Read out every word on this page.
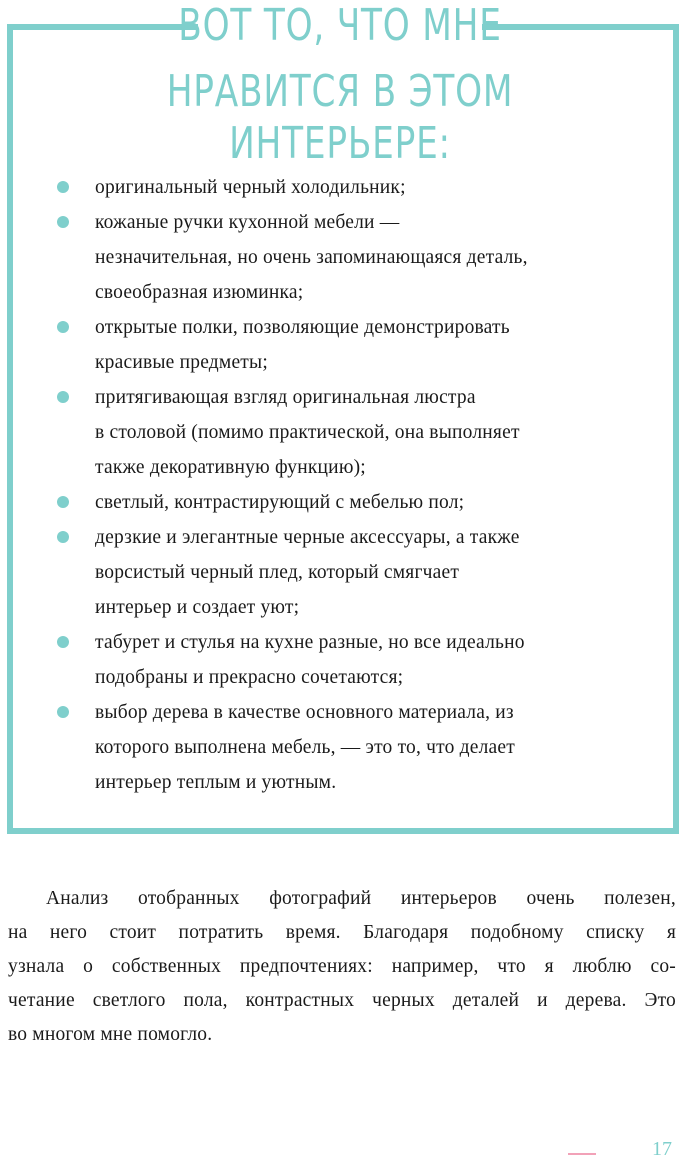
ВОТ ТО, ЧТО МНЕ
НРАВИТСЯ В ЭТОМ ИНТЕРЬЕРЕ:
оригинальный черный холодильник;
кожаные ручки кухонной мебели —
незначительная, но очень запоминающаяся деталь,
своеобразная изюминка;
открытые полки, позволяющие демонстрировать
красивые предметы;
притягивающая взгляд оригинальная люстра
в столовой (помимо практической, она выполняет
также декоративную функцию);
светлый, контрастирующий с мебелью пол;
дерзкие и элегантные черные аксессуары, а также
ворсистый черный плед, который смягчает
интерьер и создает уют;
табурет и стулья на кухне разные, но все идеально
подобраны и прекрасно сочетаются;
выбор дерева в качестве основного материала, из
которого выполнена мебель, — это то, что делает
интерьер теплым и уютным.
Анализ отобранных фотографий интерьеров очень полезен,
на него стоит потратить время. Благодаря подобному списку я
узнала о собственных предпочтениях: например, что я люблю со-
четание светлого пола, контрастных черных деталей и дерева. Это
во многом мне помогло.
17
